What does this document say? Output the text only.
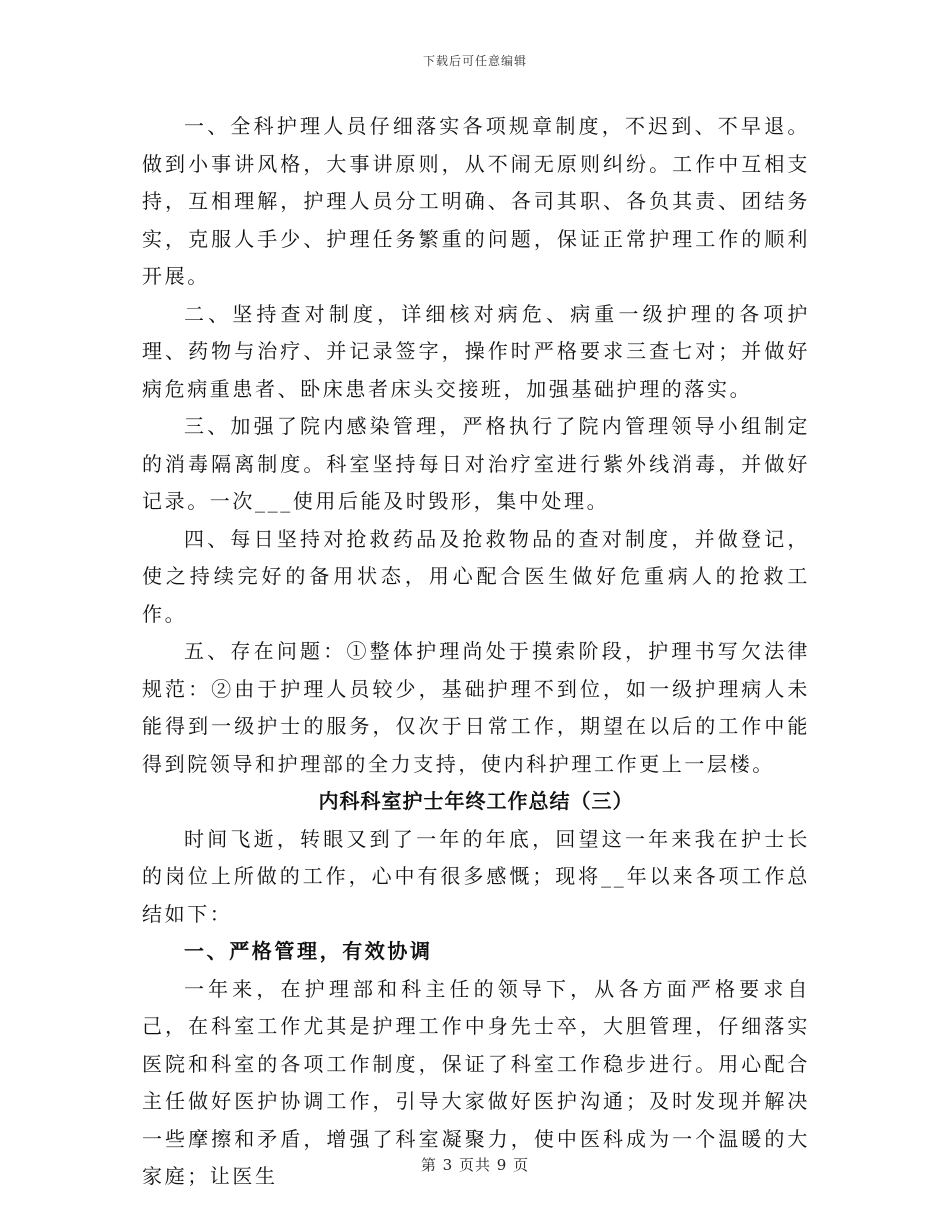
下载后可任意编辑

一、全科护理人员仔细落实各项规章制度，不迟到、不早退。做到小事讲风格，大事讲原则，从不闹无原则纠纷。工作中互相支持，互相理解，护理人员分工明确、各司其职、各负其责、团结务实，克服人手少、护理任务繁重的问题，保证正常护理工作的顺利开展。

二、坚持查对制度，详细核对病危、病重一级护理的各项护理、药物与治疗、并记录签字，操作时严格要求三查七对；并做好病危病重患者、卧床患者床头交接班，加强基础护理的落实。

三、加强了院内感染管理，严格执行了院内管理领导小组制定的消毒隔离制度。科室坚持每日对治疗室进行紫外线消毒，并做好记录。一次___使用后能及时毁形，集中处理。

四、每日坚持对抢救药品及抢救物品的查对制度，并做登记，使之持续完好的备用状态，用心配合医生做好危重病人的抢救工作。

五、存在问题：①整体护理尚处于摸索阶段，护理书写欠法律规范：②由于护理人员较少，基础护理不到位，如一级护理病人未能得到一级护士的服务，仅次于日常工作，期望在以后的工作中能得到院领导和护理部的全力支持，使内科护理工作更上一层楼。

内科科室护士年终工作总结（三）

时间飞逝，转眼又到了一年的年底，回望这一年来我在护士长的岗位上所做的工作，心中有很多感慨；现将__年以来各项工作总结如下：

一、严格管理，有效协调

一年来，在护理部和科主任的领导下，从各方面严格要求自己，在科室工作尤其是护理工作中身先士卒，大胆管理，仔细落实医院和科室的各项工作制度，保证了科室工作稳步进行。用心配合主任做好医护协调工作，引导大家做好医护沟通；及时发现并解决一些摩擦和矛盾，增强了科室凝聚力，使中医科成为一个温暖的大家庭；让医生	第 3 页共 9 页
